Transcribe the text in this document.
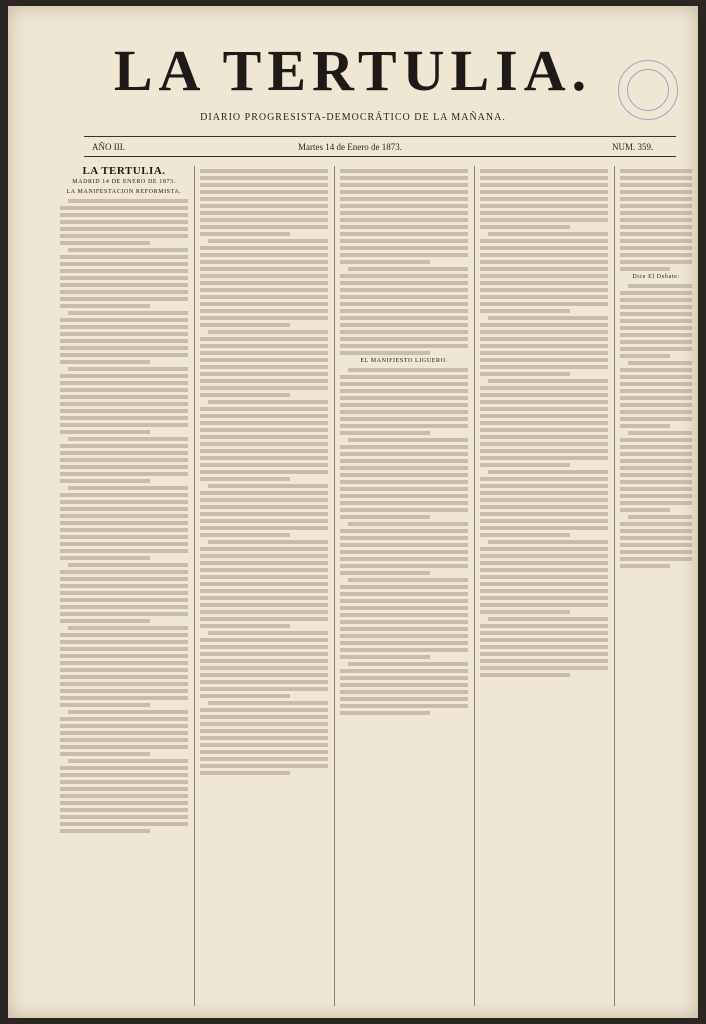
LA TERTULIA.
DIARIO PROGRESISTA-DEMOCRÁTICO DE LA MAÑANA.
AÑO III.	Martes 14 de Enero de 1873.	NUM. 359.
LA TERTULIA.
MADRID 14 DE ENERO DE 1873.
LA MANIFESTACION REFORMISTA.
EL MANIFIESTO LIGUERO.
Dice El Debate:
